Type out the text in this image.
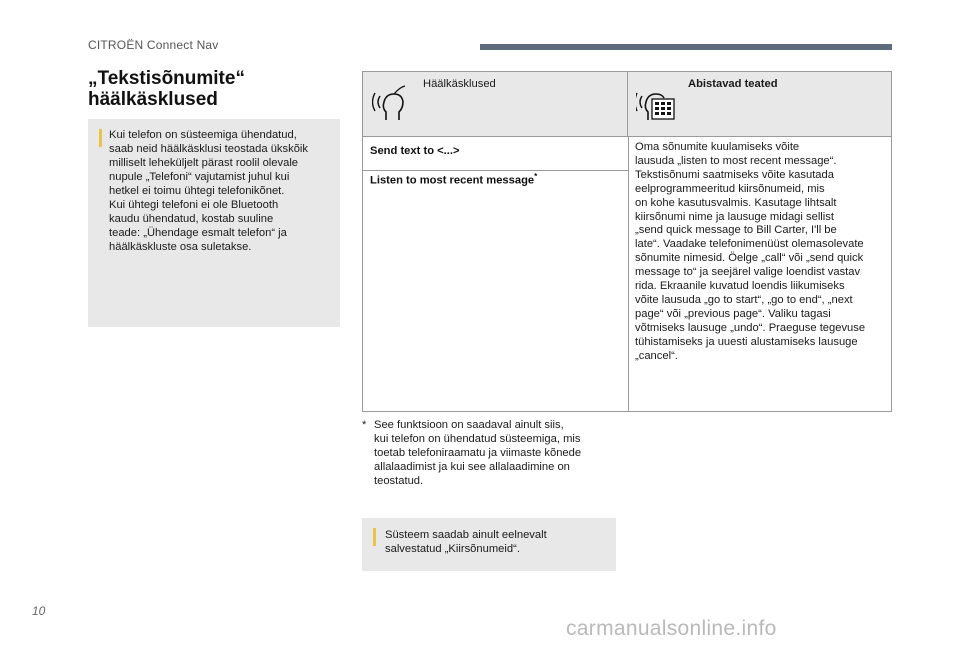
CITROËN Connect Nav
„Tekstisõnumite“
häälkäsklused
Kui telefon on süsteemiga ühendatud,
saab neid häälkäsklusi teostada ükskõik
milliselt leheküljelt pärast roolil olevale
nupule „Telefoni“ vajutamist juhul kui
hetkel ei toimu ühtegi telefonikõnet.
Kui ühtegi telefoni ei ole Bluetooth
kaudu ühendatud, kostab suuline
teade: „Ühendage esmalt telefon“ ja
häälkäskluste osa suletakse.
Häälkäsklused	Abistavad teated
Send text to <...>
Listen to most recent message*
Oma sõnumite kuulamiseks võite
lausuda „listen to most recent message“.
Tekstisõnumi saatmiseks võite kasutada
eelprogrammeeritud kiirsõnumeid, mis
on kohe kasutusvalmis. Kasutage lihtsalt
kiirsõnumi nime ja lausuge midagi sellist
„send quick message to Bill Carter, I'll be
late“. Vaadake telefonimenüüst olemasolevate
sõnumite nimesid. Öelge „call“ või „send quick
message to“ ja seejärel valige loendist vastav
rida. Ekraanile kuvatud loendis liikumiseks
võite lausuda „go to start“, „go to end“, „next
page“ või „previous page“. Valiku tagasi
võtmiseks lausuge „undo“. Praeguse tegevuse
tühistamiseks ja uuesti alustamiseks lausuge
„cancel“.
* See funktsioon on saadaval ainult siis,
kui telefon on ühendatud süsteemiga, mis
toetab telefoniraamatu ja viimaste kõnede
allalaadimist ja kui see allalaadimine on
teostatud.
Süsteem saadab ainult eelnevalt
salvestatud „Kiirsõnumeid“.
10
carmanualsonline.info
